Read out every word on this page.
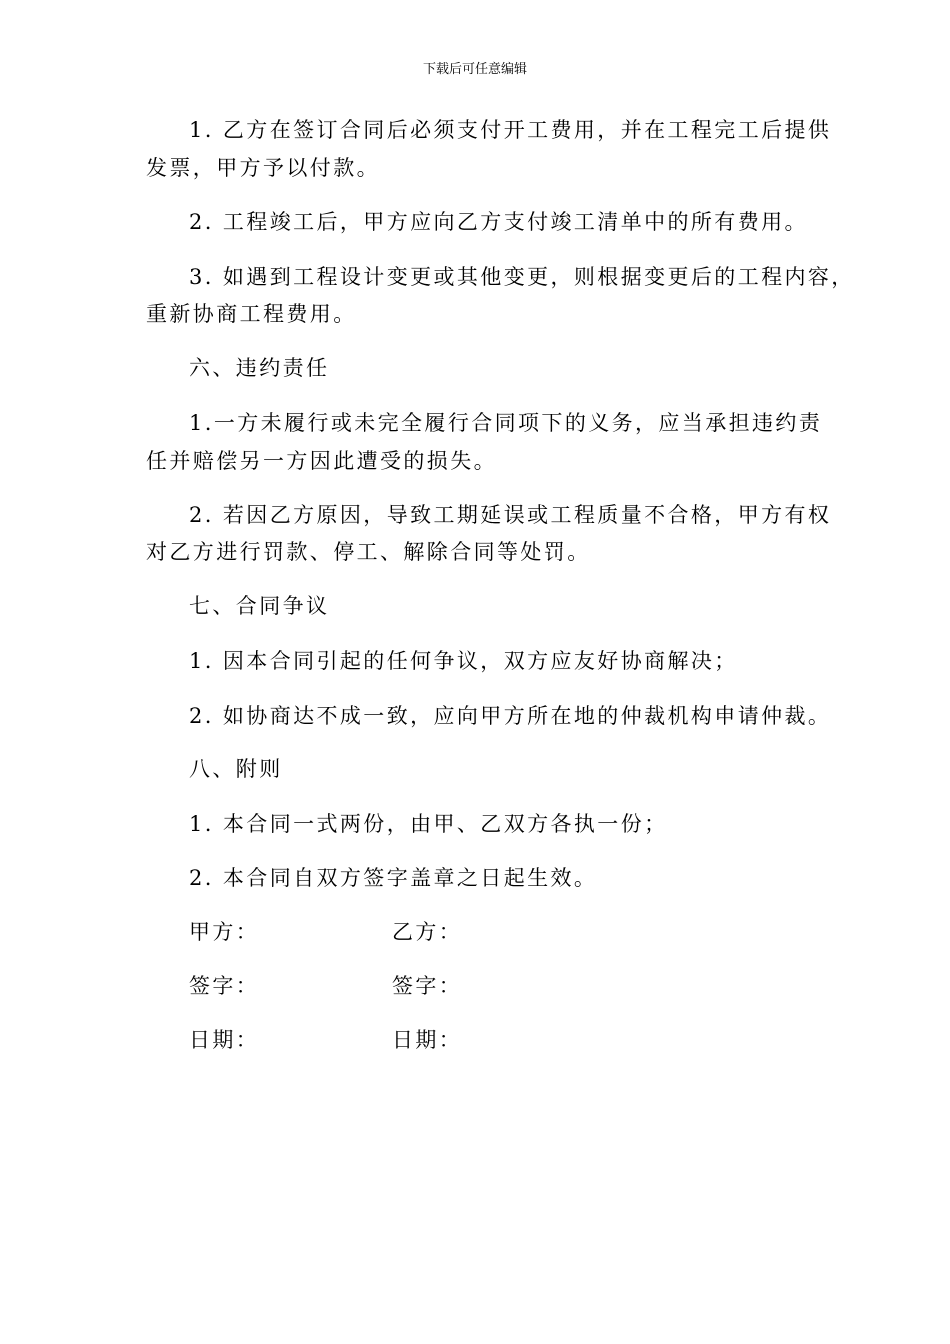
下载后可任意编辑
1. 乙方在签订合同后必须支付开工费用，并在工程完工后提供
发票，甲方予以付款。
2. 工程竣工后，甲方应向乙方支付竣工清单中的所有费用。
3. 如遇到工程设计变更或其他变更，则根据变更后的工程内容，
重新协商工程费用。
六、违约责任
1.一方未履行或未完全履行合同项下的义务，应当承担违约责
任并赔偿另一方因此遭受的损失。
2. 若因乙方原因，导致工期延误或工程质量不合格，甲方有权
对乙方进行罚款、停工、解除合同等处罚。
七、合同争议
1. 因本合同引起的任何争议，双方应友好协商解决；
2. 如协商达不成一致，应向甲方所在地的仲裁机构申请仲裁。
八、附则
1. 本合同一式两份，由甲、乙双方各执一份；
2. 本合同自双方签字盖章之日起生效。
甲方：	乙方：
签字：	签字：
日期：	日期：
